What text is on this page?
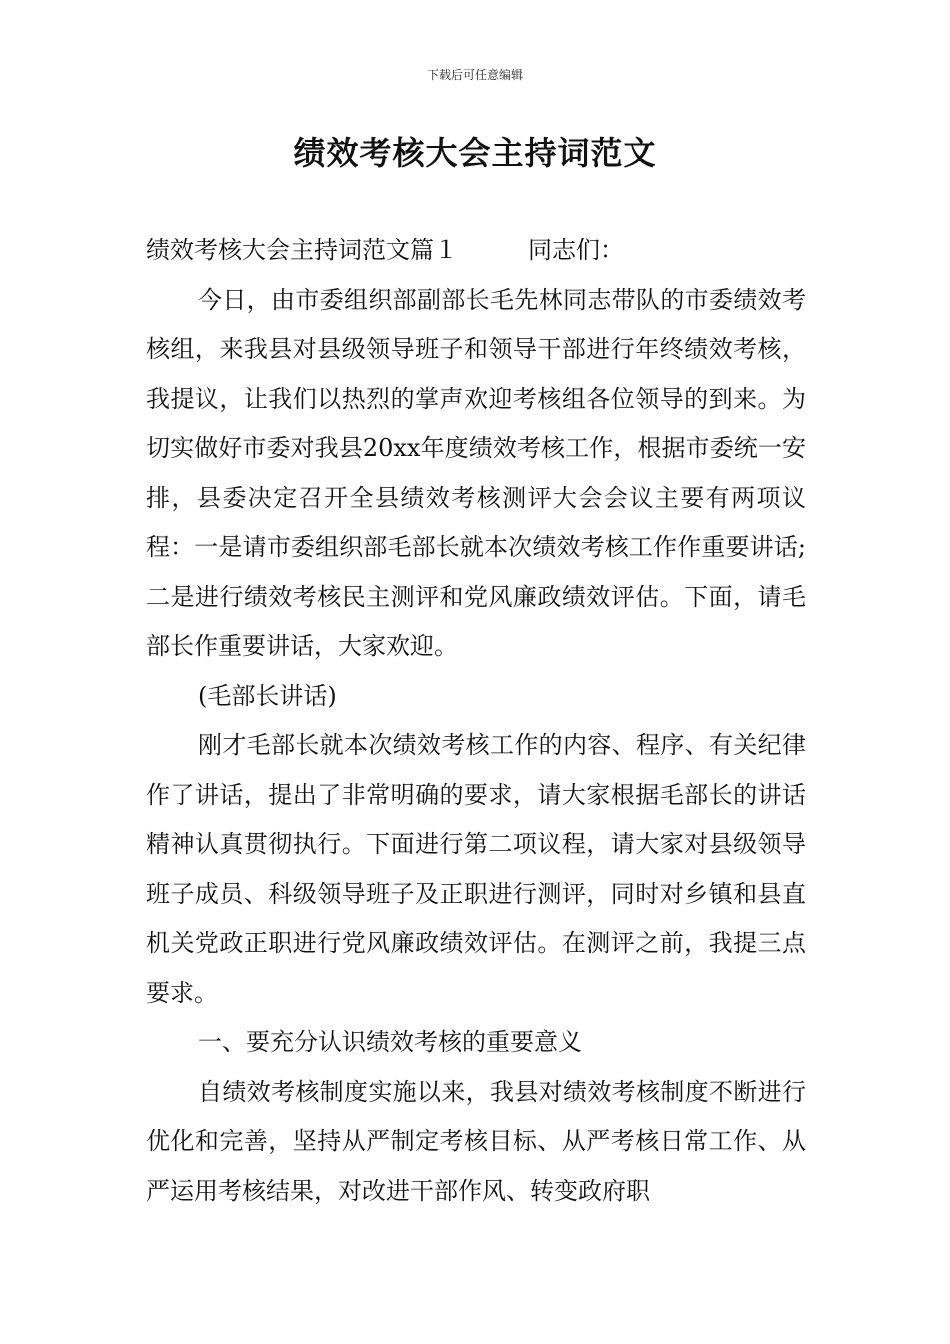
下载后可任意编辑
绩效考核大会主持词范文

绩效考核大会主持词范文篇１	同志们：

今日，由市委组织部副部长毛先林同志带队的市委绩效考核组，来我县对县级领导班子和领导干部进行年终绩效考核，我提议，让我们以热烈的掌声欢迎考核组各位领导的到来。为切实做好市委对我县20xx年度绩效考核工作，根据市委统一安排，县委决定召开全县绩效考核测评大会会议主要有两项议程：一是请市委组织部毛部长就本次绩效考核工作作重要讲话;二是进行绩效考核民主测评和党风廉政绩效评估。下面，请毛部长作重要讲话，大家欢迎。

(毛部长讲话)

刚才毛部长就本次绩效考核工作的内容、程序、有关纪律作了讲话，提出了非常明确的要求，请大家根据毛部长的讲话精神认真贯彻执行。下面进行第二项议程，请大家对县级领导班子成员、科级领导班子及正职进行测评，同时对乡镇和县直机关党政正职进行党风廉政绩效评估。在测评之前，我提三点要求。

一、要充分认识绩效考核的重要意义

自绩效考核制度实施以来，我县对绩效考核制度不断进行优化和完善，坚持从严制定考核目标、从严考核日常工作、从严运用考核结果，对改进干部作风、转变政府职
